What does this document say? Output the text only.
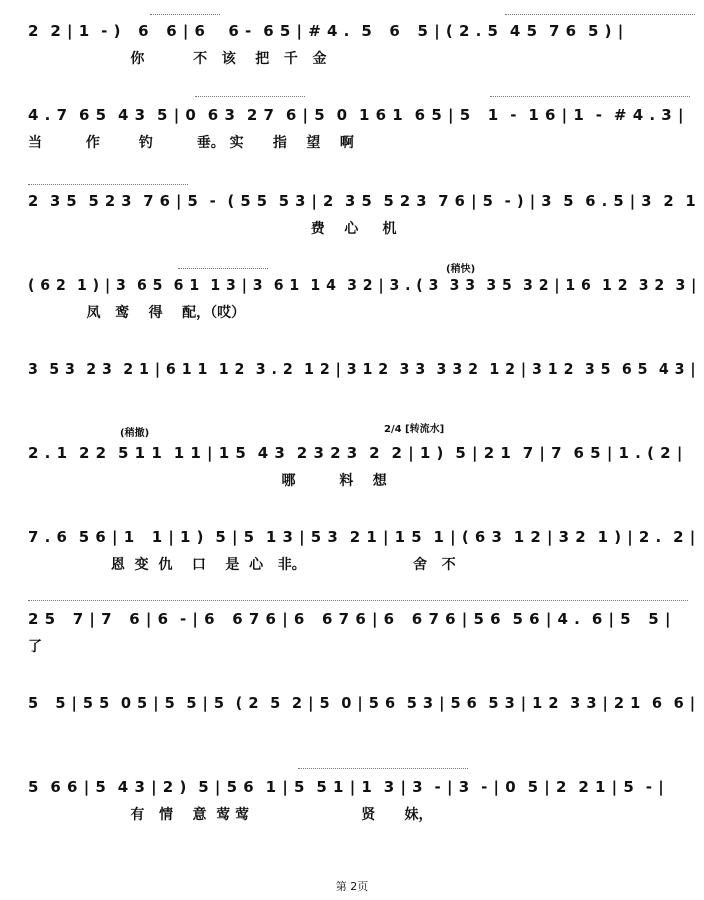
2  2 | 1  - )   6   6 | 6    6 -  6 5 | # 4 .  5   6   5 | ( 2 . 5  4 5  7 6  5 ) |
你          不   该    把   千   金
4 . 7  6 5  4 3  5 | 0  6 3  2 7  6 | 5  0  1 6 1  6 5 | 5   1  -  1 6 | 1  -  # 4 . 3 |
当         作        钓         垂。 实      指    望    啊
2  3 5  5 2 3  7 6 | 5  -  ( 5 5  5 3 | 2  3 5  5 2 3  7 6 | 5  - ) | 3  5  6 . 5 | 3  2  1
费    心     机
(稍快)
( 6 2  1 ) | 3  6 5  6 1  1 3 | 3  6 1  1 4  3 2 | 3 . ( 3  3 3  3 5  3 2 | 1 6  1 2  3 2  3 |
凤   鸾    得    配，（哎）
3  5 3  2 3  2 1 | 6 1 1  1 2  3 . 2  1 2 | 3 1 2  3 3  3 3 2  1 2 | 3 1 2  3 5  6 5  4 3 |
(稍撤)	2/4 [转流水]
2 . 1  2 2  5 1 1  1 1 | 1 5  4 3  2 3 2 3  2  2 | 1 )  5 | 2 1  7 | 7  6 5 | 1 . ( 2 |
哪         料    想
7 . 6  5 6 | 1   1 | 1 )  5 | 5  1 3 | 5 3  2 1 | 1 5  1 | ( 6 3  1 2 | 3 2  1 ) | 2 .  2 |
恩  变  仇    口    是  心   非。                      舍   不
2 5   7 | 7   6 | 6  - | 6   6 7 6 | 6   6 7 6 | 6   6 7 6 | 5 6  5 6 | 4 .  6 | 5   5 |
了
5   5 | 5 5  0 5 | 5  5 | 5  ( 2  5  2 | 5  0 | 5 6  5 3 | 5 6  5 3 | 1 2  3 3 | 2 1  6  6 |
5  6 6 | 5  4 3 | 2 )  5 | 5 6  1 | 5  5 1 | 1  3 | 3  - | 3  - | 0  5 | 2  2 1 | 5  - |
有   情    意  莺 莺                       贤      妹，
第 2页
